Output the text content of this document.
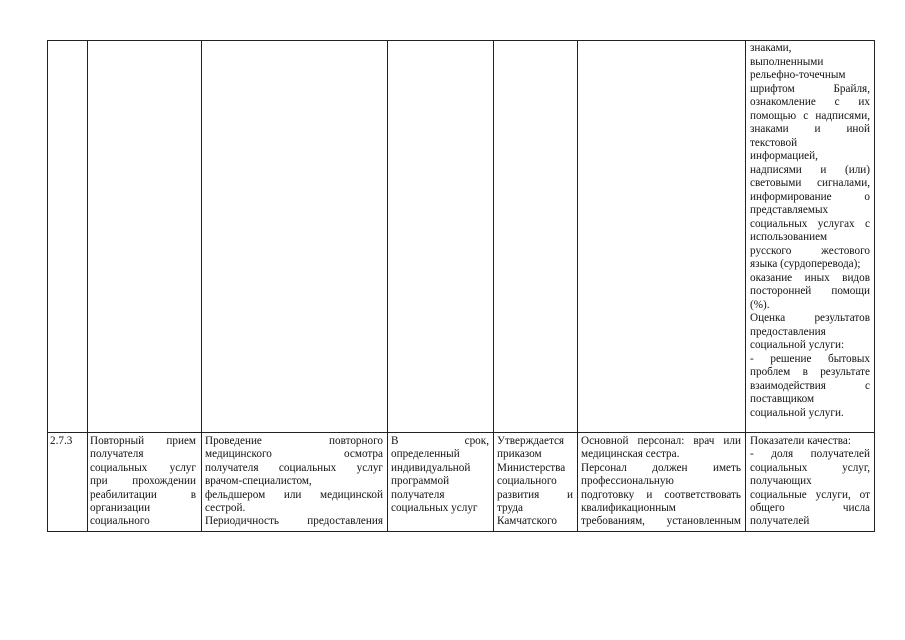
знаками,
выполненными
рельефно-точечным
шрифтом Брайля,
ознакомление с их
помощью с надписями,
знаками и иной
текстовой
информацией,
надписями и (или)
световыми сигналами,
информирование о
представляемых
социальных услугах с
использованием
русского жестового
языка (сурдоперевода);
оказание иных видов
посторонней помощи
(%).
Оценка результатов
предоставления
социальной услуги:
- решение бытовых
проблем в результате
взаимодействия с
поставщиком
социальной услуги.
2.7.3	Повторный прием
получателя
социальных услуг
при прохождении
реабилитации в
организации
социального
Проведение повторного
медицинского осмотра
получателя социальных услуг
врачом-специалистом,
фельдшером или медицинской
сестрой.
Периодичность предоставления
В срок,
определенный
индивидуальной
программой
получателя
социальных услуг
Утверждается
приказом
Министерства
социального
развития и
труда
Камчатского
Основной персонал: врач или
медицинская сестра.
Персонал должен иметь
профессиональную
подготовку и соответствовать
квалификационным
требованиям, установленным
Показатели качества:
- доля получателей
социальных услуг,
получающих
социальные услуги, от
общего числа
получателей
